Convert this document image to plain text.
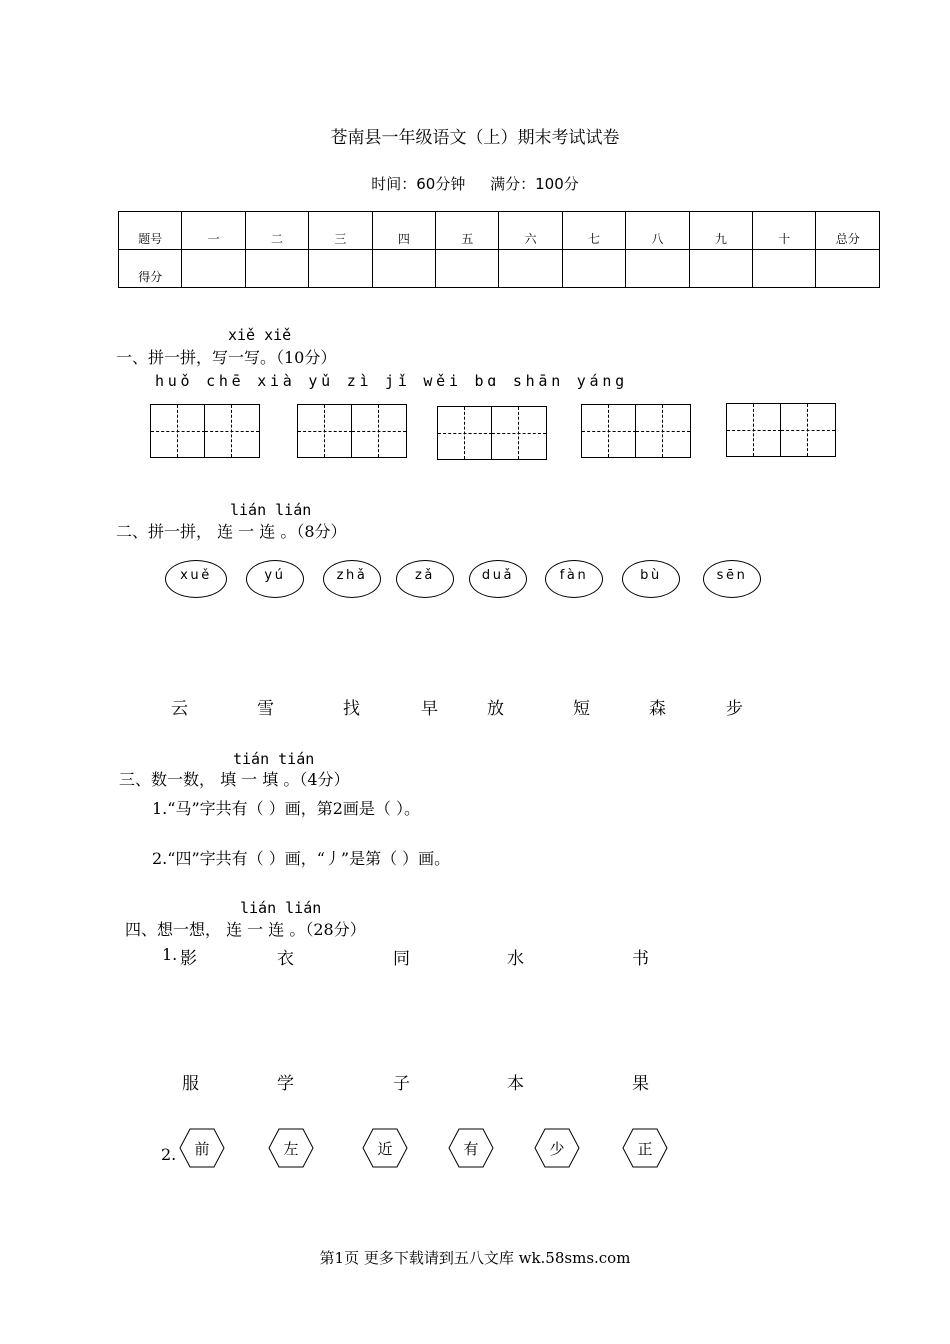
苍南县一年级语文（上）期末考试试卷
时间：60分钟 满分：100分
题号	一	二	三	四	五	六	七	八	九	十	总分
得分											
xiě xiě
一、拼一拼，写一写。（10分）
huǒ chē xià yǔ zì jǐ wěi bɑ shān yáng
lián lián
二、拼一拼， 连 一 连 。（8分）
xuě	yú	zhǎ	zǎ	duǎ	fàn	bù	sēn
云	雪	找	早	放	短	森	步
tián tián
三、数一数， 填 一 填 。（4分）
1.“马”字共有（ ）画，第2画是（ ）。
2.“四”字共有（ ）画，“丿”是第（ ）画。
lián lián
四、想一想， 连 一 连 。（28分）
1. 影	衣	同	水	书
服	学	子	本	果
2.	前	左	近	有	少	正
第1页 更多下载请到五八文库 wk.58sms.com
